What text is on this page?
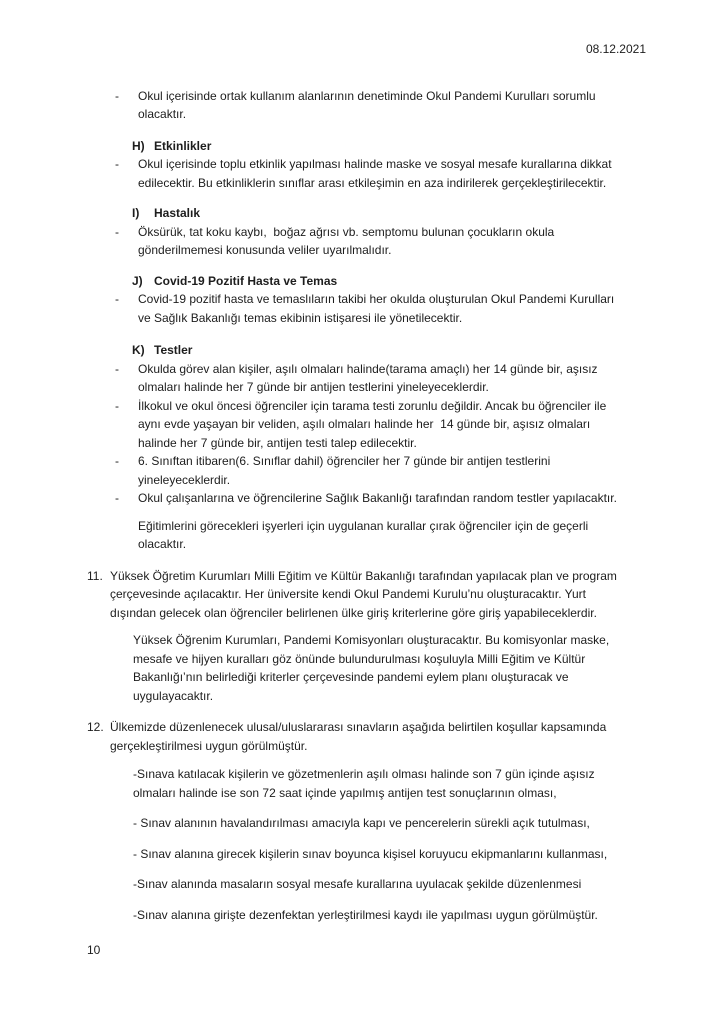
08.12.2021
-	Okul içerisinde ortak kullanım alanlarının denetiminde Okul Pandemi Kurulları sorumlu
olacaktır.
H) Etkinlikler
-	Okul içerisinde toplu etkinlik yapılması halinde maske ve sosyal mesafe kurallarına dikkat
edilecektir. Bu etkinliklerin sınıflar arası etkileşimin en aza indirilerek gerçekleştirilecektir.
I)	Hastalık
-	Öksürük, tat koku kaybı,  boğaz ağrısı vb. semptomu bulunan çocukların okula
gönderilmemesi konusunda veliler uyarılmalıdır.
J) Covid-19 Pozitif Hasta ve Temas
-	Covid-19 pozitif hasta ve temaslıların takibi her okulda oluşturulan Okul Pandemi Kurulları
ve Sağlık Bakanlığı temas ekibinin istişaresi ile yönetilecektir.
K) Testler
-	Okulda görev alan kişiler, aşılı olmaları halinde(tarama amaçlı) her 14 günde bir, aşısız
olmaları halinde her 7 günde bir antijen testlerini yineleyeceklerdir.
-	İlkokul ve okul öncesi öğrenciler için tarama testi zorunlu değildir. Ancak bu öğrenciler ile
aynı evde yaşayan bir veliden, aşılı olmaları halinde her  14 günde bir, aşısız olmaları
halinde her 7 günde bir, antijen testi talep edilecektir.
-	6. Sınıftan itibaren(6. Sınıflar dahil) öğrenciler her 7 günde bir antijen testlerini
yineleyeceklerdir.
-	Okul çalışanlarına ve öğrencilerine Sağlık Bakanlığı tarafından random testler yapılacaktır.
Eğitimlerini görecekleri işyerleri için uygulanan kurallar çırak öğrenciler için de geçerli
olacaktır.
11. Yüksek Öğretim Kurumları Milli Eğitim ve Kültür Bakanlığı tarafından yapılacak plan ve program
çerçevesinde açılacaktır. Her üniversite kendi Okul Pandemi Kurulu’nu oluşturacaktır. Yurt
dışından gelecek olan öğrenciler belirlenen ülke giriş kriterlerine göre giriş yapabileceklerdir.
Yüksek Öğrenim Kurumları, Pandemi Komisyonları oluşturacaktır. Bu komisyonlar maske,
mesafe ve hijyen kuralları göz önünde bulundurulması koşuluyla Milli Eğitim ve Kültür
Bakanlığı’nın belirlediği kriterler çerçevesinde pandemi eylem planı oluşturacak ve
uygulayacaktır.
12. Ülkemizde düzenlenecek ulusal/uluslararası sınavların aşağıda belirtilen koşullar kapsamında
gerçekleştirilmesi uygun görülmüştür.
-Sınava katılacak kişilerin ve gözetmenlerin aşılı olması halinde son 7 gün içinde aşısız
olmaları halinde ise son 72 saat içinde yapılmış antijen test sonuçlarının olması,
- Sınav alanının havalandırılması amacıyla kapı ve pencerelerin sürekli açık tutulması,
- Sınav alanına girecek kişilerin sınav boyunca kişisel koruyucu ekipmanlarını kullanması,
-Sınav alanında masaların sosyal mesafe kurallarına uyulacak şekilde düzenlenmesi
-Sınav alanına girişte dezenfektan yerleştirilmesi kaydı ile yapılması uygun görülmüştür.
10
